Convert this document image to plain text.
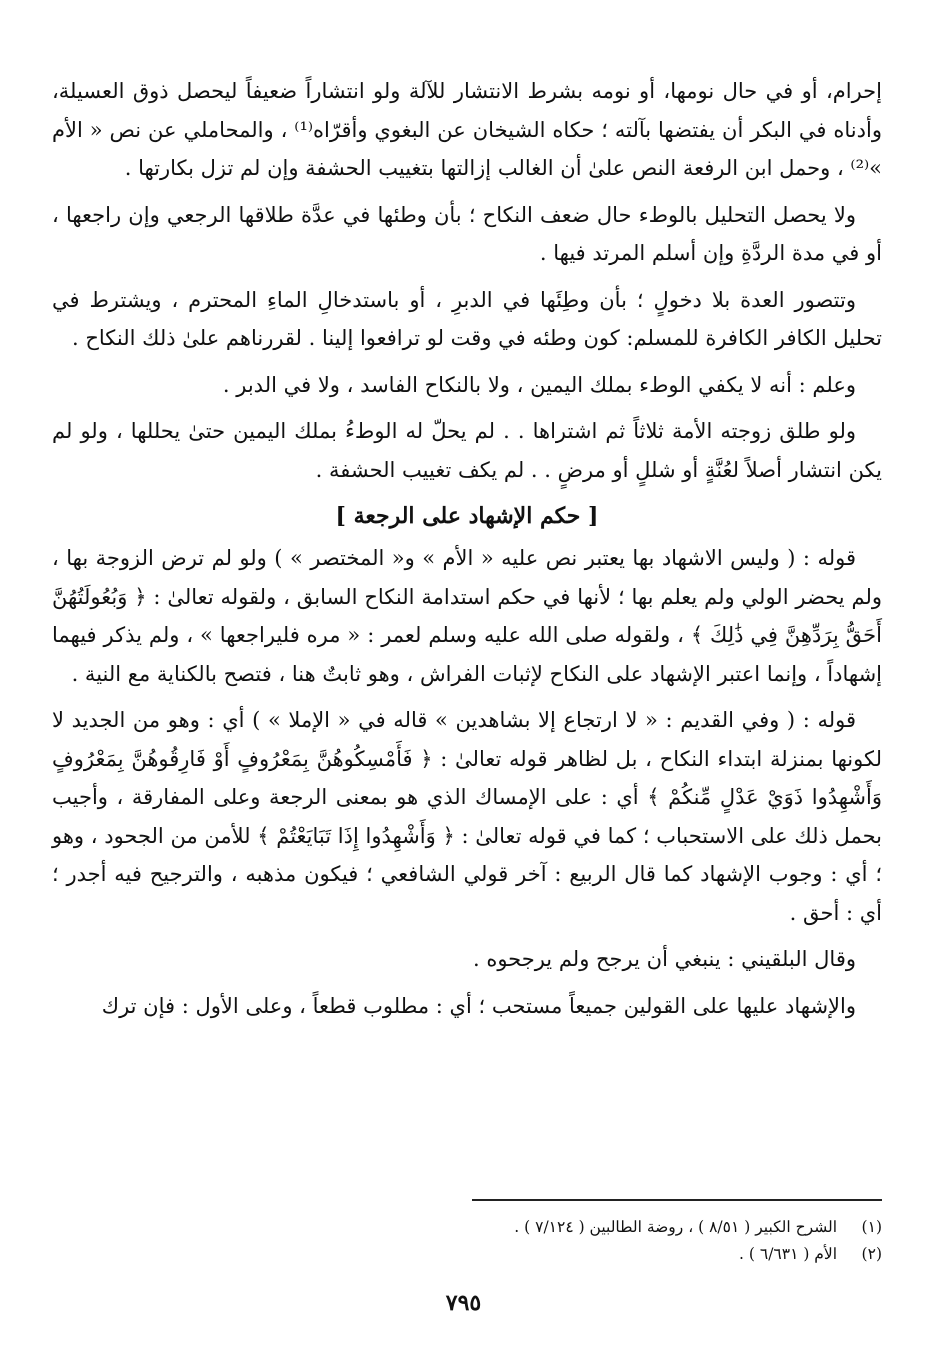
إحرام، أو في حال نومها، أو نومه بشرط الانتشار للآلة ولو انتشاراً ضعيفاً ليحصل ذوق العسيلة، وأدناه في البكر أن يفتضها بآلته ؛ حكاه الشيخان عن البغوي وأقرّاه⁽¹⁾ ، والمحاملي عن نص « الأم »⁽²⁾ ، وحمل ابن الرفعة النص علىٰ أن الغالب إزالتها بتغييب الحشفة وإن لم تزل بكارتها .

ولا يحصل التحليل بالوطء حال ضعف النكاح ؛ بأن وطئها في عدَّة طلاقها الرجعي وإن راجعها ، أو في مدة الردَّةِ وإن أسلم المرتد فيها .

وتتصور العدة بلا دخولٍ ؛ بأن وطِئَها في الدبرِ ، أو باستدخالِ الماءِ المحترم ، ويشترط في تحليل الكافر الكافرة للمسلم: كون وطئه في وقت لو ترافعوا إلينا . لقررناهم علىٰ ذلك النكاح .

وعلم : أنه لا يكفي الوطء بملك اليمين ، ولا بالنكاح الفاسد ، ولا في الدبر .

ولو طلق زوجته الأمة ثلاثاً ثم اشتراها . . لم يحلّ له الوطءُ بملك اليمين حتىٰ يحللها ، ولو لم يكن انتشار أصلاً لعُنَّةٍ أو شللٍ أو مرضٍ . . لم يكف تغييب الحشفة .

[ حكم الإشهاد على الرجعة ]

قوله : ( وليس الاشهاد بها يعتبر نص عليه « الأم » و« المختصر » ) ولو لم ترض الزوجة بها ، ولم يحضر الولي ولم يعلم بها ؛ لأنها في حكم استدامة النكاح السابق ، ولقوله تعالىٰ : ﴿ وَبُعُولَتُهُنَّ أَحَقُّ بِرَدِّهِنَّ فِي ذَٰلِكَ ﴾ ، ولقوله صلى الله عليه وسلم لعمر : « مره فليراجعها » ، ولم يذكر فيهما إشهاداً ، وإنما اعتبر الإشهاد على النكاح لإثبات الفراش ، وهو ثابتٌ هنا ، فتصح بالكناية مع النية .

قوله : ( وفي القديم : « لا ارتجاع إلا بشاهدين » قاله في « الإملا » ) أي : وهو من الجديد لا لكونها بمنزلة ابتداء النكاح ، بل لظاهر قوله تعالىٰ : ﴿ فَأَمْسِكُوهُنَّ بِمَعْرُوفٍ أَوْ فَارِقُوهُنَّ بِمَعْرُوفٍ وَأَشْهِدُوا ذَوَيْ عَدْلٍ مِّنكُمْ ﴾ أي : على الإمساك الذي هو بمعنى الرجعة وعلى المفارقة ، وأجيب بحمل ذلك على الاستحباب ؛ كما في قوله تعالىٰ : ﴿ وَأَشْهِدُوا إِذَا تَبَايَعْتُمْ ﴾ للأمن من الجحود ، وهو ؛ أي : وجوب الإشهاد كما قال الربيع : آخر قولي الشافعي ؛ فيكون مذهبه ، والترجيح فيه أجدر ؛ أي : أحق .

وقال البلقيني : ينبغي أن يرجح ولم يرجحوه .

والإشهاد عليها على القولين جميعاً مستحب ؛ أي : مطلوب قطعاً ، وعلى الأول : فإن ترك

(١) الشرح الكبير ( ٨/٥١ ) ، روضة الطالبين ( ٧/١٢٤ ) .
(٢) الأم ( ٦/٦٣١ ) .
٧٩٥
